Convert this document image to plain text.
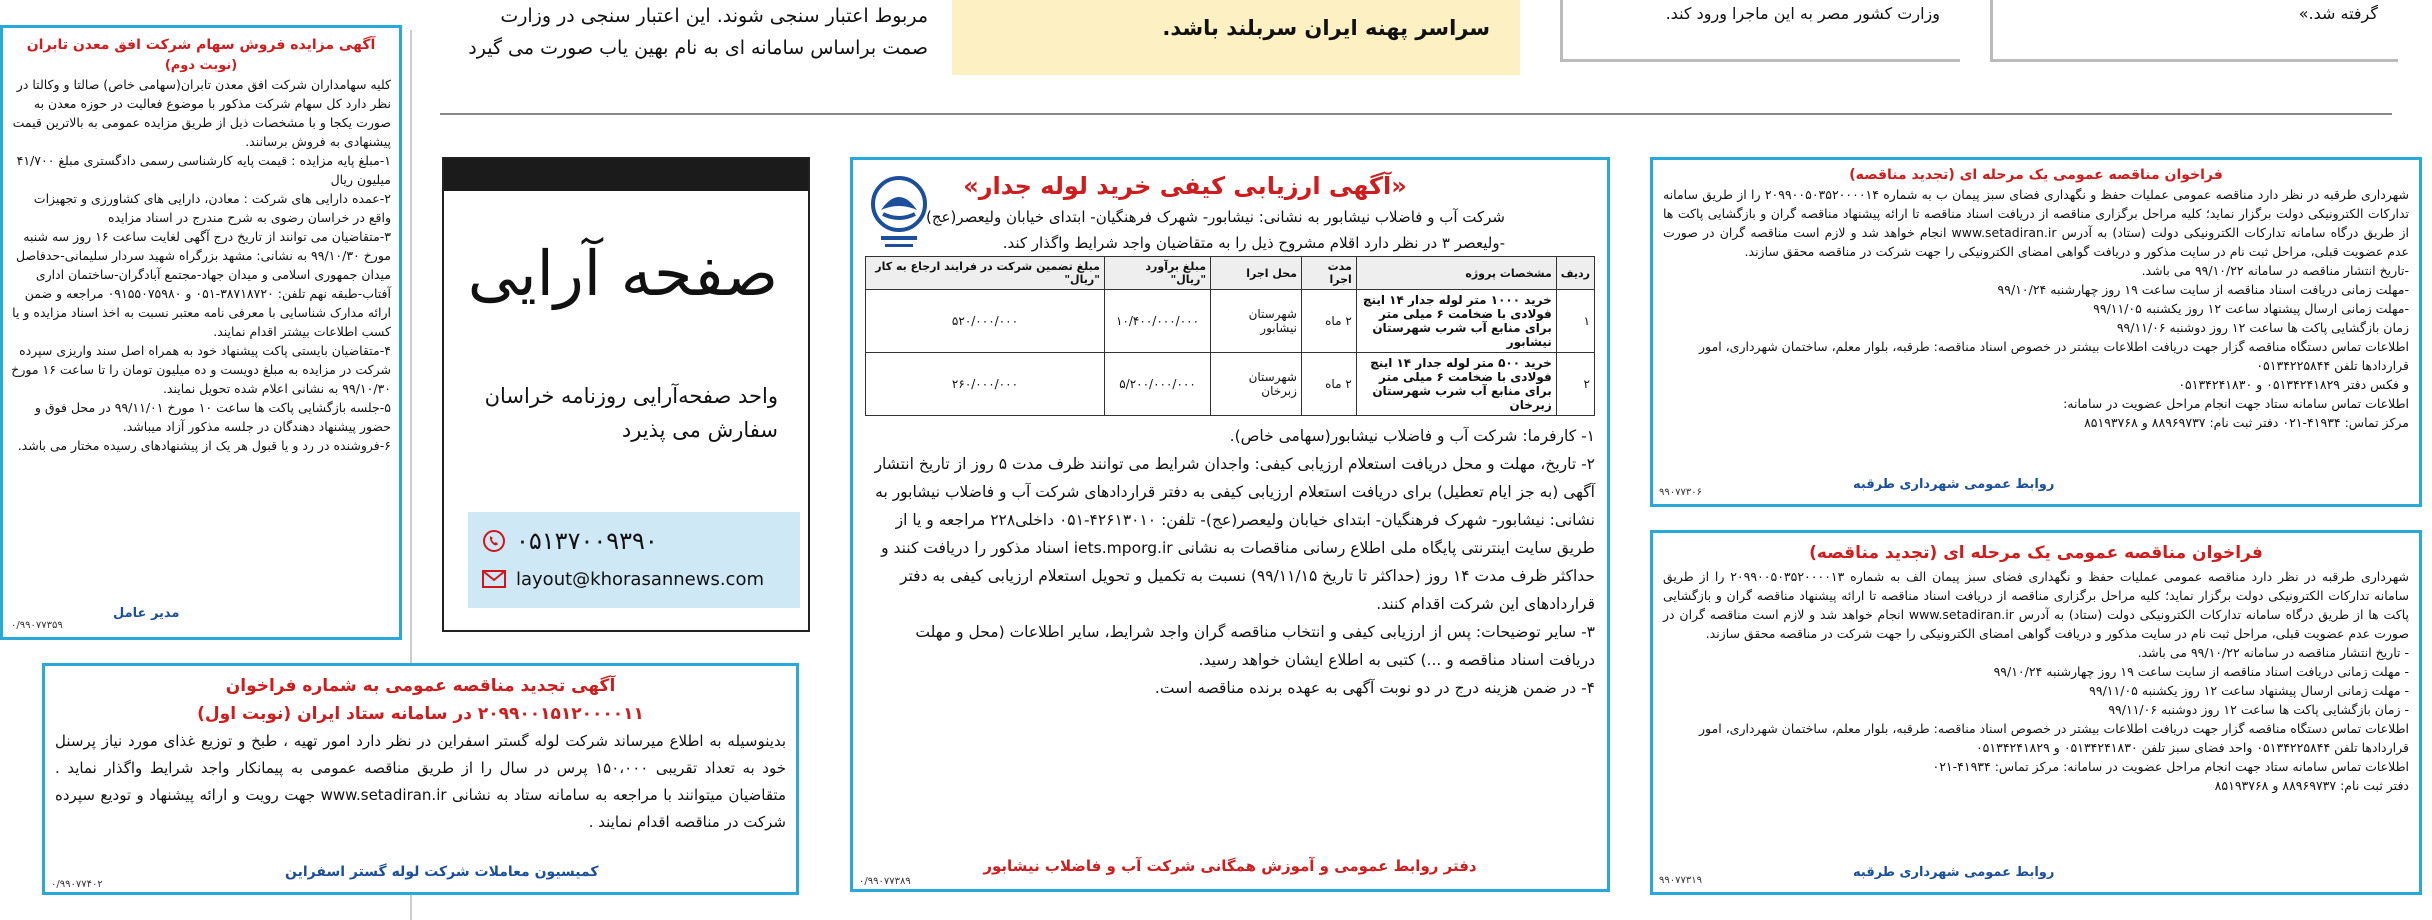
مربوط اعتبار سنجی شوند. این اعتبار سنجی در وزارت

صمت براساس سامانه ای به نام بهین یاب صورت می گیرد

سراسر پهنه ایران سربلند باشد.

وزارت کشور مصر به این ماجرا ورود کند.	گرفته شد.»

آگهی مزایده فروش سهام شرکت افق معدن تابران

(نوبت دوم)

کلیه سهامداران شرکت افق معدن تابران(سهامی خاص) صالتا و وکالتا در نظر دارد کل سهام شرکت مذکور با موضوع فعالیت در حوزه معدن به صورت یکجا و با مشخصات ذیل از طریق مزایده عمومی به بالاترین قیمت پیشنهادی به فروش برسانند.

۱-مبلغ پایه مزایده : قیمت پایه کارشناسی رسمی دادگستری مبلغ ۴۱/۷۰۰ میلیون ریال

۲-عمده دارایی های شرکت : معادن، دارایی های کشاورزی و تجهیزات واقع در خراسان رضوی به شرح مندرج در اسناد مزایده

۳-متقاضیان می توانند از تاریخ درج آگهی لغایت ساعت ۱۶ روز سه شنبه مورخ ۹۹/۱۰/۳۰ به نشانی: مشهد بزرگراه شهید سردار سلیمانی-حدفاصل میدان جمهوری اسلامی و میدان جهاد-مجتمع آبادگران-ساختمان اداری آفتاب-طبقه نهم تلفن: ۳۸۷۱۸۷۲۰-۰۵۱ و ۰۹۱۵۵۰۷۵۹۸۰ مراجعه و ضمن ارائه مدارک شناسایی با معرفی نامه معتبر نسبت به اخذ اسناد مزایده و یا کسب اطلاعات بیشتر اقدام نمایند.

۴-متقاضیان بایستی پاکت پیشنهاد خود به همراه اصل سند واریزی سپرده شرکت در مزایده به مبلغ دویست و ده میلیون تومان را تا ساعت ۱۶ مورخ ۹۹/۱۰/۳۰ به نشانی اعلام شده تحویل نمایند.

۵-جلسه بازگشایی پاکت ها ساعت ۱۰ مورخ ۹۹/۱۱/۰۱ در محل فوق و حضور پیشنهاد دهندگان در جلسه مذکور آزاد میباشد.

۶-فروشنده در رد و یا قبول هر یک از پیشنهادهای رسیده مختار می باشد.

مدیر عامل

۰/۹۹۰۷۷۳۵۹
صفحه آرایی

واحد صفحه‌آرایی روزنامه خراسان

سفارش می پذیرد

۰۵۱۳۷۰۰۹۳۹۰
layout@khorasannews.com

«آگهی ارزیابی کیفی خرید لوله جدار»

شرکت آب و فاضلاب نیشابور به نشانی: نیشابور- شهرک فرهنگیان- ابتدای خیابان ولیعصر(عج)

-ولیعصر ۳ در نظر دارد اقلام مشروح ذیل را به متقاضیان واجد شرایط واگذار کند.

ردیف	مشخصات پروژه	مدت اجرا	محل اجرا	مبلغ برآورد "ریال"	مبلغ تضمین شرکت در فرایند ارجاع به کار "ریال"
۱	خرید ۱۰۰۰ متر لوله جدار ۱۴ اینچ فولادی با ضخامت ۶ میلی متر برای منابع آب شرب شهرستان نیشابور	۲ ماه	شهرستان نیشابور	۱۰/۴۰۰/۰۰۰/۰۰۰	۵۲۰/۰۰۰/۰۰۰
۲	خرید ۵۰۰ متر لوله جدار ۱۴ اینچ فولادی با ضخامت ۶ میلی متر برای منابع آب شرب شهرستان زبرخان	۲ ماه	شهرستان زبرخان	۵/۲۰۰/۰۰۰/۰۰۰	۲۶۰/۰۰۰/۰۰۰

۱- کارفرما: شرکت آب و فاضلاب نیشابور(سهامی خاص).

۲- تاریخ، مهلت و محل دریافت استعلام ارزیابی کیفی: واجدان شرایط می توانند ظرف مدت ۵ روز از تاریخ انتشار آگهی (به جز ایام تعطیل) برای دریافت استعلام ارزیابی کیفی به دفتر قراردادهای شرکت آب و فاضلاب نیشابور به نشانی: نیشابور- شهرک فرهنگیان- ابتدای خیابان ولیعصر(عج)- تلفن: ۴۲۶۱۳۰۱۰-۰۵۱ داخلی۲۲۸ مراجعه و یا از طریق سایت اینترنتی پایگاه ملی اطلاع رسانی مناقصات به نشانی iets.mporg.ir اسناد مذکور را دریافت کنند و حداکثر ظرف مدت ۱۴ روز (حداکثر تا تاریخ ۹۹/۱۱/۱۵) نسبت به تکمیل و تحویل استعلام ارزیابی کیفی به دفتر قراردادهای این شرکت اقدام کنند.

۳- سایر توضیحات: پس از ارزیابی کیفی و انتخاب مناقصه گران واجد شرایط، سایر اطلاعات (محل و مهلت دریافت اسناد مناقصه و ...) کتبی به اطلاع ایشان خواهد رسید.

۴- در ضمن هزینه درج در دو نوبت آگهی به عهده برنده مناقصه است.

دفتر روابط عمومی و آموزش همگانی شرکت آب و فاضلاب نیشابور

۰/۹۹۰۷۷۳۸۹

فراخوان مناقصه عمومی یک مرحله ای (تجدید مناقصه)

شهرداری طرقبه در نظر دارد مناقصه عمومی عملیات حفظ و نگهداری فضای سبز پیمان ب به شماره ۲۰۹۹۰۰۵۰۳۵۲۰۰۰۰۱۴ را از طریق سامانه تدارکات الکترونیکی دولت برگزار نماید؛ کلیه مراحل برگزاری مناقصه از دریافت اسناد مناقصه تا ارائه پیشنهاد مناقصه گران و بازگشایی پاکت ها از طریق درگاه سامانه تدارکات الکترونیکی دولت (ستاد) به آدرس www.setadiran.ir انجام خواهد شد و لازم است مناقصه گران در صورت عدم عضویت قبلی، مراحل ثبت نام در سایت مذکور و دریافت گواهی امضای الکترونیکی را جهت شرکت در مناقصه محقق سازند.

-تاریخ انتشار مناقصه در سامانه ۹۹/۱۰/۲۲ می باشد.

-مهلت زمانی دریافت اسناد مناقصه از سایت ساعت ۱۹ روز چهارشنبه ۹۹/۱۰/۲۴

-مهلت زمانی ارسال پیشنهاد ساعت ۱۲ روز یکشنبه ۹۹/۱۱/۰۵

زمان بازگشایی پاکت ها ساعت ۱۲ روز دوشنبه ۹۹/۱۱/۰۶

اطلاعات تماس دستگاه مناقصه گزار جهت دریافت اطلاعات بیشتر در خصوص اسناد مناقصه: طرقبه، بلوار معلم، ساختمان شهرداری، امور قراردادها تلفن ۰۵۱۳۴۲۲۵۸۴۴

و فکس دفتر ۰۵۱۳۴۲۴۱۸۲۹ و ۰۵۱۳۴۲۴۱۸۳۰

اطلاعات تماس سامانه ستاد جهت انجام مراحل عضویت در سامانه:

مرکز تماس: ۴۱۹۳۴-۰۲۱ دفتر ثبت نام: ۸۸۹۶۹۷۳۷ و ۸۵۱۹۳۷۶۸

روابط عمومی شهرداری طرقبه

۹۹۰۷۷۳۰۶

فراخوان مناقصه عمومی یک مرحله ای (تجدید مناقصه)

شهرداری طرقبه در نظر دارد مناقصه عمومی عملیات حفظ و نگهداری فضای سبز پیمان الف به شماره ۲۰۹۹۰۰۵۰۳۵۲۰۰۰۰۱۳ را از طریق سامانه تدارکات الکترونیکی دولت برگزار نماید؛ کلیه مراحل برگزاری مناقصه از دریافت اسناد مناقصه تا ارائه پیشنهاد مناقصه گران و بازگشایی پاکت ها از طریق درگاه سامانه تدارکات الکترونیکی دولت (ستاد) به آدرس www.setadiran.ir انجام خواهد شد و لازم است مناقصه گران در صورت عدم عضویت قبلی، مراحل ثبت نام در سایت مذکور و دریافت گواهی امضای الکترونیکی را جهت شرکت در مناقصه محقق سازند.

- تاریخ انتشار مناقصه در سامانه ۹۹/۱۰/۲۲ می باشد.

- مهلت زمانی دریافت اسناد مناقصه از سایت ساعت ۱۹ روز چهارشنبه ۹۹/۱۰/۲۴

- مهلت زمانی ارسال پیشنهاد ساعت ۱۲ روز یکشنبه ۹۹/۱۱/۰۵

- زمان بازگشایی پاکت ها ساعت ۱۲ روز دوشنبه ۹۹/۱۱/۰۶

اطلاعات تماس دستگاه مناقصه گزار جهت دریافت اطلاعات بیشتر در خصوص اسناد مناقصه: طرقبه، بلوار معلم، ساختمان شهرداری، امور قراردادها تلفن ۰۵۱۳۴۲۲۵۸۴۴ واحد فضای سبز تلفن ۰۵۱۳۴۲۴۱۸۳۰ و ۰۵۱۳۴۲۴۱۸۲۹

اطلاعات تماس سامانه ستاد جهت انجام مراحل عضویت در سامانه: مرکز تماس: ۴۱۹۳۴-۰۲۱

دفتر ثبت نام: ۸۸۹۶۹۷۳۷ و ۸۵۱۹۳۷۶۸

روابط عمومی شهرداری طرقبه

۹۹۰۷۷۳۱۹

آگهی تجدید مناقصه عمومی به شماره فراخوان

۲۰۹۹۰۰۱۵۱۲۰۰۰۰۱۱ در سامانه ستاد ایران (نوبت اول)

بدینوسیله به اطلاع میرساند شرکت لوله گستر اسفراین در نظر دارد امور تهیه ، طبخ و توزیع غذای مورد نیاز پرسنل خود به تعداد تقریبی ۱۵۰،۰۰۰ پرس در سال را از طریق مناقصه عمومی به پیمانکار واجد شرایط واگذار نماید . متقاضیان میتوانند با مراجعه به سامانه ستاد به نشانی www.setadiran.ir جهت رویت و ارائه پیشنهاد و تودیع سپرده شرکت در مناقصه اقدام نمایند .

کمیسیون معاملات شرکت لوله گستر اسفراین

۰/۹۹۰۷۷۴۰۲
